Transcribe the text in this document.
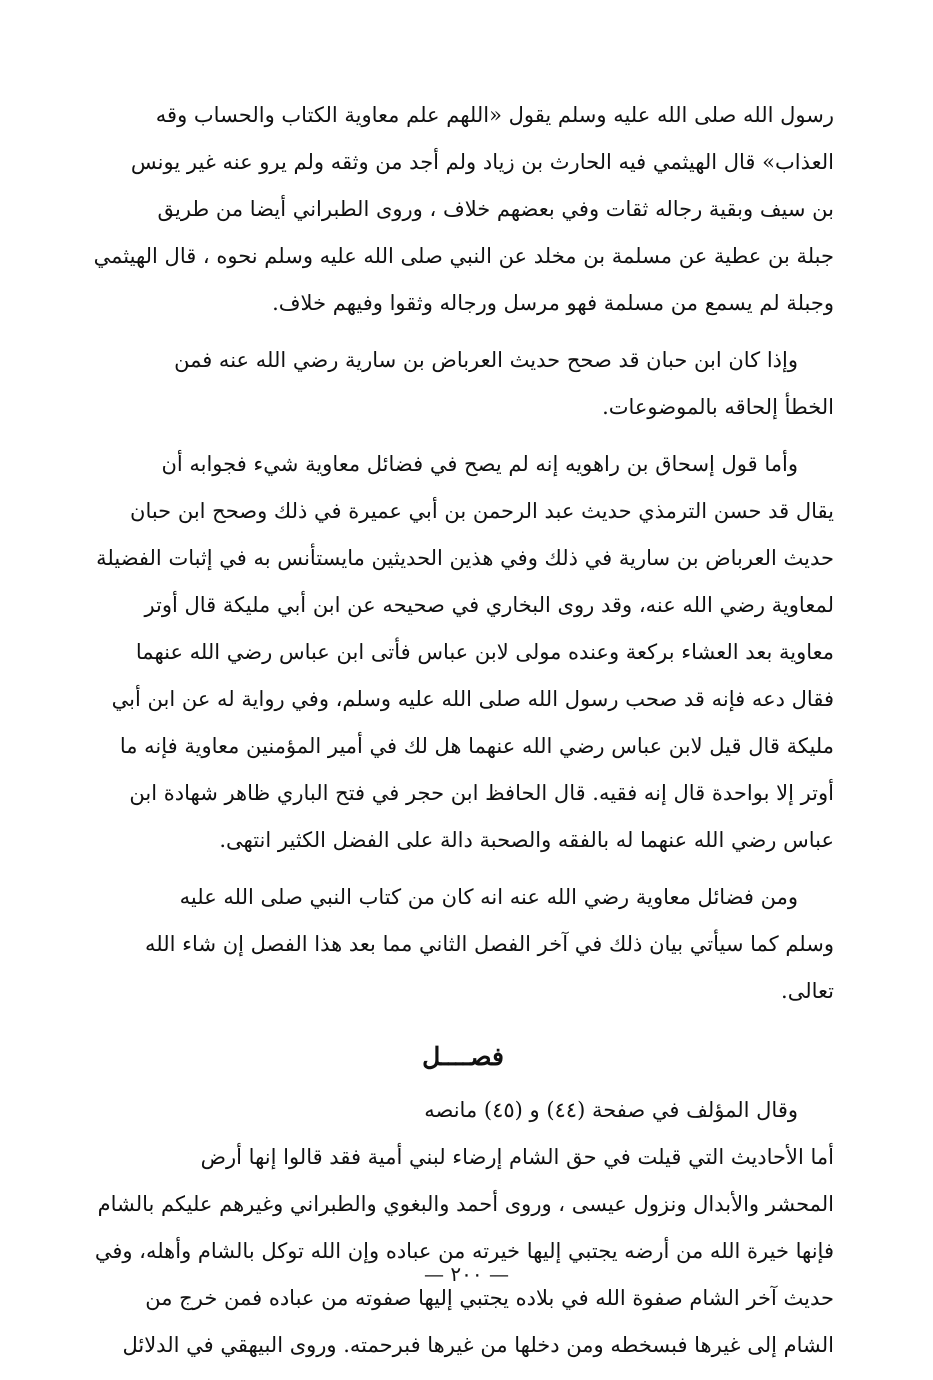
رسول الله صلى الله عليه وسلم يقول «اللهم علم معاوية الكتاب والحساب وقه
العذاب» قال الهيثمي فيه الحارث بن زياد ولم أجد من وثقه ولم يرو عنه غير يونس
بن سيف وبقية رجاله ثقات وفي بعضهم خلاف ، وروى الطبراني أيضا من طريق
جبلة بن عطية عن مسلمة بن مخلد عن النبي صلى الله عليه وسلم نحوه ، قال الهيثمي
وجبلة لم يسمع من مسلمة فهو مرسل ورجاله وثقوا وفيهم خلاف.
وإذا كان ابن حبان قد صحح حديث العرباض بن سارية رضي الله عنه فمن
الخطأ إلحاقه بالموضوعات.
وأما قول إسحاق بن راهويه إنه لم يصح في فضائل معاوية شيء فجوابه أن
يقال قد حسن الترمذي حديث عبد الرحمن بن أبي عميرة في ذلك وصحح ابن حبان
حديث العرباض بن سارية في ذلك وفي هذين الحديثين مايستأنس به في إثبات الفضيلة
لمعاوية رضي الله عنه، وقد روى البخاري في صحيحه عن ابن أبي مليكة قال أوتر
معاوية بعد العشاء بركعة وعنده مولى لابن عباس فأتى ابن عباس رضي الله عنهما
فقال دعه فإنه قد صحب رسول الله صلى الله عليه وسلم، وفي رواية له عن ابن أبي
مليكة قال قيل لابن عباس رضي الله عنهما هل لك في أمير المؤمنين معاوية فإنه ما
أوتر إلا بواحدة قال إنه فقيه. قال الحافظ ابن حجر في فتح الباري ظاهر شهادة ابن
عباس رضي الله عنهما له بالفقه والصحبة دالة على الفضل الكثير انتهى.
ومن فضائل معاوية رضي الله عنه انه كان من كتاب النبي صلى الله عليه
وسلم كما سيأتي بيان ذلك في آخر الفصل الثاني مما بعد هذا الفصل إن شاء الله
تعالى.
فصــــل
وقال المؤلف في صفحة (٤٤) و (٤٥) مانصه
أما الأحاديث التي قيلت في حق الشام إرضاء لبني أمية فقد قالوا إنها أرض
المحشر والأبدال ونزول عيسى ، وروى أحمد والبغوي والطبراني وغيرهم عليكم بالشام
فإنها خيرة الله من أرضه يجتبي إليها خيرته من عباده وإن الله توكل بالشام وأهله، وفي
حديث آخر الشام صفوة الله في بلاده يجتبي إليها صفوته من عباده فمن خرج من
الشام إلى غيرها فبسخطه ومن دخلها من غيرها فبرحمته. وروى البيهقي في الدلائل
— ٢٠٠ —
